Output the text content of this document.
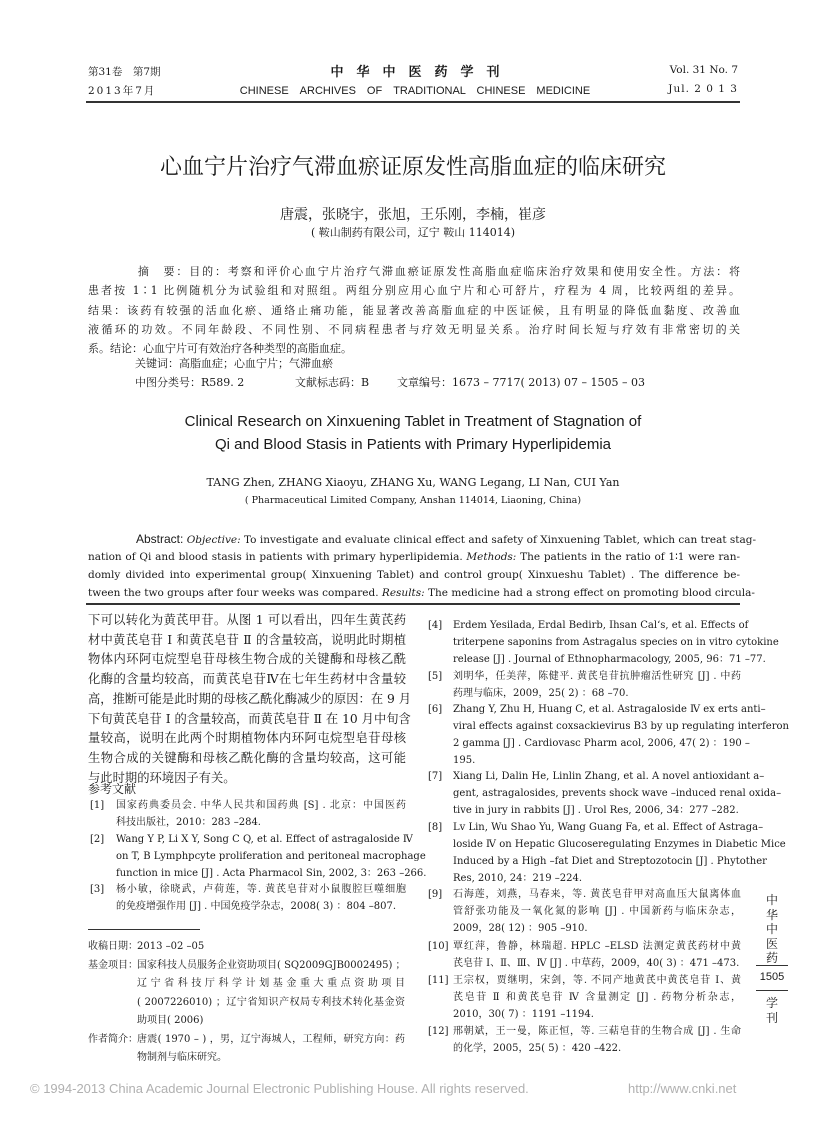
第31卷　第7期
2013年7月
中　华　中　医　药　学　刊
CHINESE　ARCHIVES　OF　TRADITIONAL　CHINESE　MEDICINE
Vol. 31 No. 7
Jul. 2 0 1 3
心血宁片治疗气滞血瘀证原发性高脂血症的临床研究
唐震，张晓宇，张旭，王乐刚，李楠，崔彦
( 鞍山制药有限公司，辽宁 鞍山 114014)
摘　要：目的：考察和评价心血宁片治疗气滞血瘀证原发性高脂血症临床治疗效果和使用安全性。方法：将
患者按 1∶1 比例随机分为试验组和对照组。两组分别应用心血宁片和心可舒片，疗程为 4 周，比较两组的差异。
结果：该药有较强的活血化瘀、通络止痛功能，能显著改善高脂血症的中医证候，且有明显的降低血黏度、改善血
液循环的功效。不同年龄段、不同性别、不同病程患者与疗效无明显关系。治疗时间长短与疗效有非常密切的关
系。结论：心血宁片可有效治疗各种类型的高脂血症。
关键词：高脂血症；心血宁片；气滞血瘀
中图分类号：R589. 2	文献标志码：B	文章编号：1673 – 7717( 2013) 07 – 1505 – 03
Clinical Research on Xinxuening Tablet in Treatment of Stagnation of
Qi and Blood Stasis in Patients with Primary Hyperlipidemia
TANG Zhen, ZHANG Xiaoyu, ZHANG Xu, WANG Legang, LI Nan, CUI Yan
( Pharmaceutical Limited Company, Anshan 114014, Liaoning, China)
Abstract: Objective: To investigate and evaluate clinical effect and safety of Xinxuening Tablet, which can treat stag-
nation of Qi and blood stasis in patients with primary hyperlipidemia. Methods: The patients in the ratio of 1∶1 were ran-
domly divided into experimental group( Xinxuening Tablet) and control group( Xinxueshu Tablet) . The difference be-
tween the two groups after four weeks was compared. Results: The medicine had a strong effect on promoting blood circula-
下可以转化为黄芪甲苷。从图 1 可以看出，四年生黄芪药
材中黄芪皂苷 Ⅰ 和黄芪皂苷 Ⅱ 的含量较高，说明此时期植
物体内环阿屯烷型皂苷母核生物合成的关键酶和母核乙酰
化酶的含量均较高，而黄芪皂苷Ⅳ在七年生药材中含量较
高，推断可能是此时期的母核乙酰化酶减少的原因：在 9 月
下旬黄芪皂苷 Ⅰ 的含量较高，而黄芪皂苷 Ⅱ 在 10 月中旬含
量较高，说明在此两个时期植物体内环阿屯烷型皂苷母核
生物合成的关键酶和母核乙酰化酶的含量均较高，这可能
与此时期的环境因子有关。
参考文献
[1] 国家药典委员会. 中华人民共和国药典 [S] . 北京：中国医药
科技出版社，2010：283 –284.
[2] Wang Y P, Li X Y, Song C Q, et al. Effect of astragaloside Ⅳ
on T, B Lymphpcyte proliferation and peritoneal macrophage
function in mice [J] . Acta Pharmacol Sin, 2002, 3：263 –266.
[3] 杨小敏，徐晓武，卢荷莲，等. 黄芪皂苷对小鼠腹腔巨噬细胞
的免疫增强作用 [J] . 中国免疫学杂志，2008( 3) ：804 –807.
[4] Erdem Yesilada, Erdal Bedirb, Ihsan Cal‘s, et al. Effects of
triterpene saponins from Astragalus species on in vitro cytokine
release [J] . Journal of Ethnopharmacology, 2005, 96：71 –77.
[5] 刘明华，任美萍，陈健平. 黄芪皂苷抗肿瘤活性研究 [J] . 中药
药理与临床，2009，25( 2) ：68 –70.
[6] Zhang Y, Zhu H, Huang C, et al. Astragaloside Ⅳ ex erts anti–
viral effects against coxsackievirus B3 by up regulating interferon
2 gamma [J] . Cardiovasc Pharm acol, 2006, 47( 2) ：190 –
195.
[7] Xiang Li, Dalin He, Linlin Zhang, et al. A novel antioxidant a–
gent, astragalosides, prevents shock wave –induced renal oxida–
tive in jury in rabbits [J] . Urol Res, 2006, 34：277 –282.
[8] Lv Lin, Wu Shao Yu, Wang Guang Fa, et al. Effect of Astraga–
loside Ⅳ on Hepatic Glucoseregulating Enzymes in Diabetic Mice
Induced by a High –fat Diet and Streptozotocin [J] . Phytother
Res, 2010, 24：219 –224.
[9] 石海莲，刘燕，马春来，等. 黄芪皂苷甲对高血压大鼠离体血
管舒张功能及一氧化氮的影响 [J] . 中国新药与临床杂志，
2009，28( 12) ：905 –910.
[10] 覃红萍，鲁静，林瑞超. HPLC –ELSD 法测定黄芪药材中黄
芪皂苷 Ⅰ、Ⅱ、Ⅲ、Ⅳ [J] . 中草药，2009，40( 3) ：471 –473.
[11] 王宗权，贾继明，宋剑，等. 不同产地黄芪中黄芪皂苷 Ⅰ、黄
芪皂苷 Ⅱ 和黄芪皂苷 Ⅳ 含量测定 [J] . 药物分析杂志，
2010，30( 7) ：1191 –1194.
[12] 邢朝斌，王一曼，陈正恒，等. 三萜皂苷的生物合成 [J] . 生命
的化学，2005，25( 5) ：420 –422.
收稿日期： 2013 –02 –05
基金项目： 国家科技人员服务企业资助项目( SQ2009GJB0002495) ；
辽宁省科技厅科学计划基金重大重点资助项目
( 2007226010) ；辽宁省知识产权局专利技术转化基金资
助项目( 2006)
作者简介： 唐震( 1970 – ) ，男，辽宁海城人，工程师，研究方向：药
物制剂与临床研究。
中
华
中
医
药
1505
学
刊
© 1994-2013 China Academic Journal Electronic Publishing House. All rights reserved.	http://www.cnki.net
